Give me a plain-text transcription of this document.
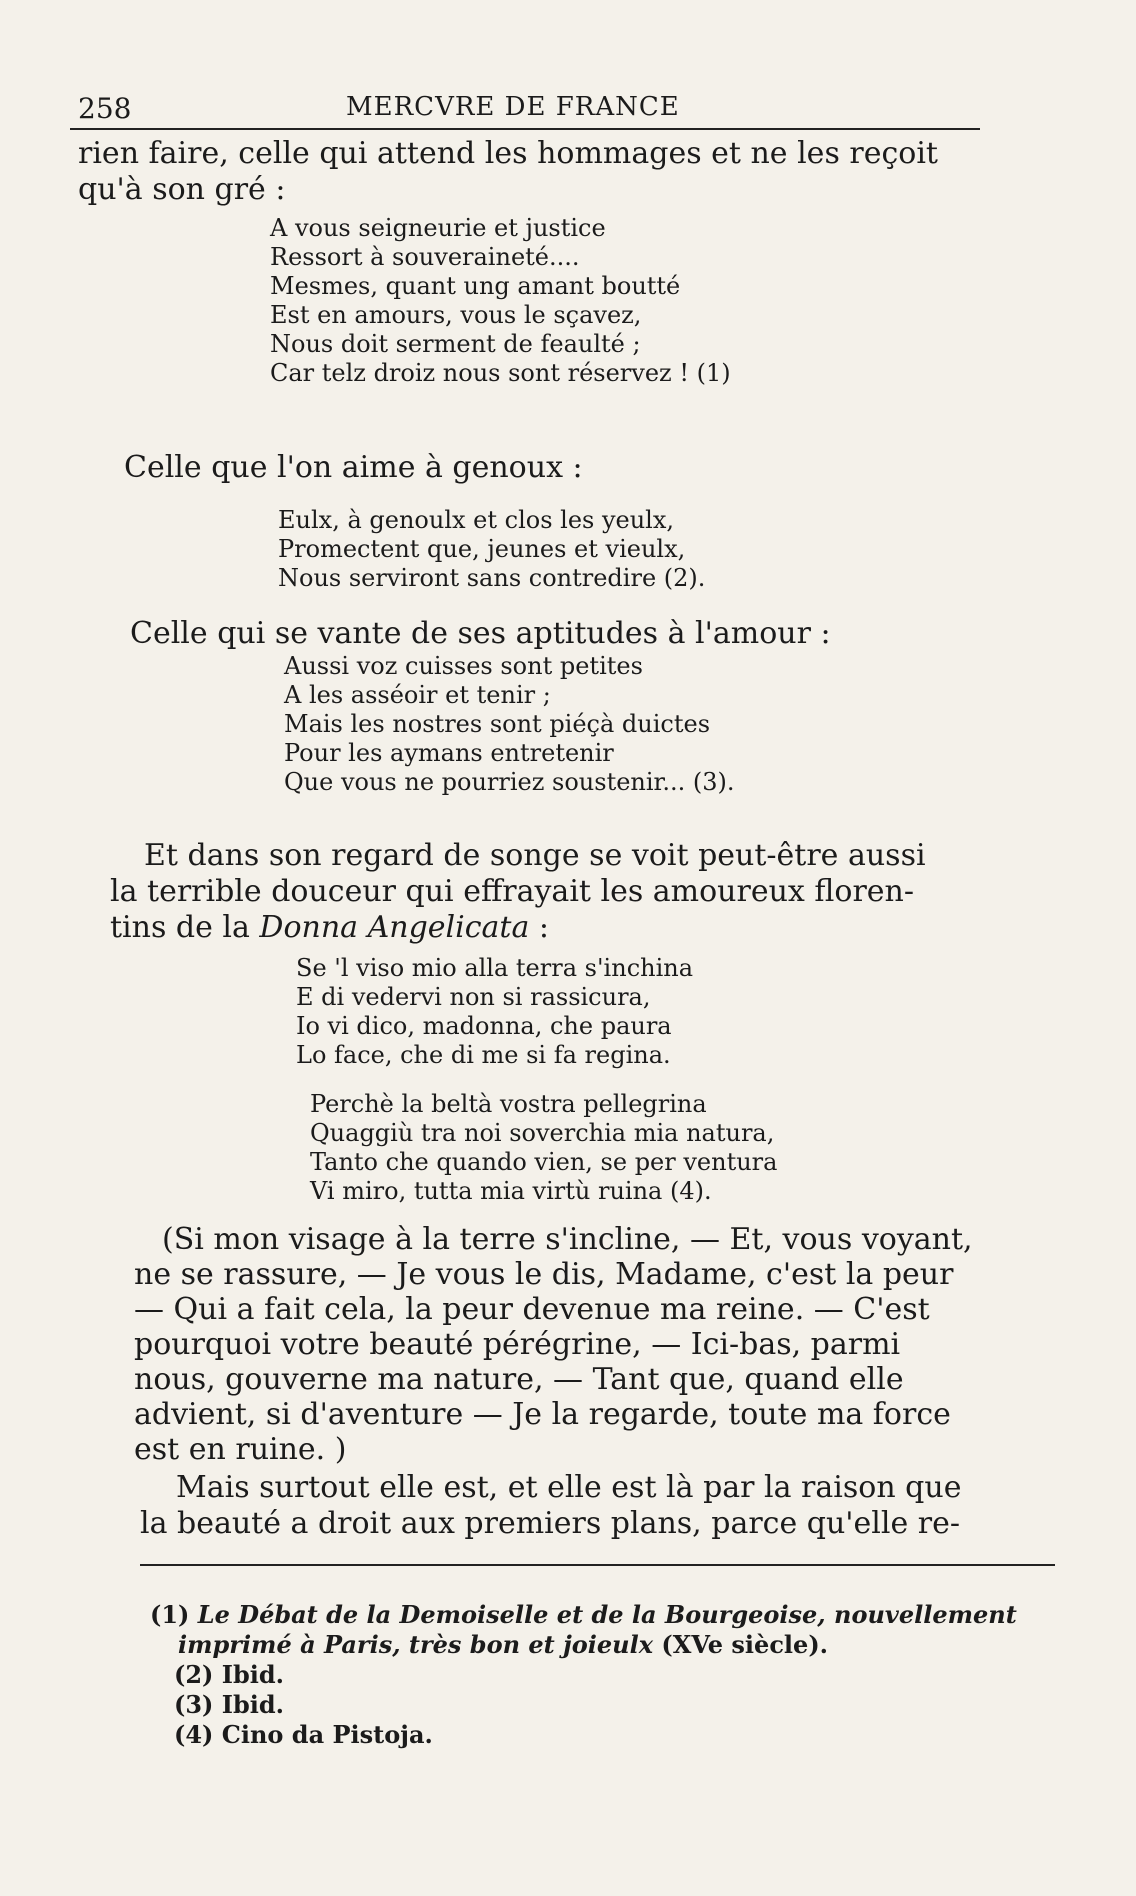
258	MERCVRE DE FRANCE
rien faire, celle qui attend les hommages et ne les reçoit
qu'à son gré :
A vous seigneurie et justice
Ressort à souveraineté....
Mesmes, quant ung amant boutté
Est en amours, vous le sçavez,
Nous doit serment de feaulté ;
Car telz droiz nous sont réservez ! (1)
Celle que l'on aime à genoux :
Eulx, à genoulx et clos les yeulx,
Promectent que, jeunes et vieulx,
Nous serviront sans contredire (2).
Celle qui se vante de ses aptitudes à l'amour :
Aussi voz cuisses sont petites
A les asséoir et tenir ;
Mais les nostres sont piéçà duictes
Pour les aymans entretenir
Que vous ne pourriez soustenir... (3).
Et dans son regard de songe se voit peut-être aussi
la terrible douceur qui effrayait les amoureux floren-
tins de la Donna Angelicata :
Se 'l viso mio alla terra s'inchina
E di vedervi non si rassicura,
Io vi dico, madonna, che paura
Lo face, che di me si fa regina.
Perchè la beltà vostra pellegrina
Quaggiù tra noi soverchia mia natura,
Tanto che quando vien, se per ventura
Vi miro, tutta mia virtù ruina (4).
(Si mon visage à la terre s'incline, — Et, vous voyant,
ne se rassure, — Je vous le dis, Madame, c'est la peur
— Qui a fait cela, la peur devenue ma reine. — C'est
pourquoi votre beauté pérégrine, — Ici-bas, parmi
nous, gouverne ma nature, — Tant que, quand elle
advient, si d'aventure — Je la regarde, toute ma force
est en ruine. )
Mais surtout elle est, et elle est là par la raison que
la beauté a droit aux premiers plans, parce qu'elle re-
(1) Le Débat de la Demoiselle et de la Bourgeoise, nouvellement imprimé à Paris, très bon et joieulx (XVe siècle).
(2) Ibid.
(3) Ibid.
(4) Cino da Pistoja.
